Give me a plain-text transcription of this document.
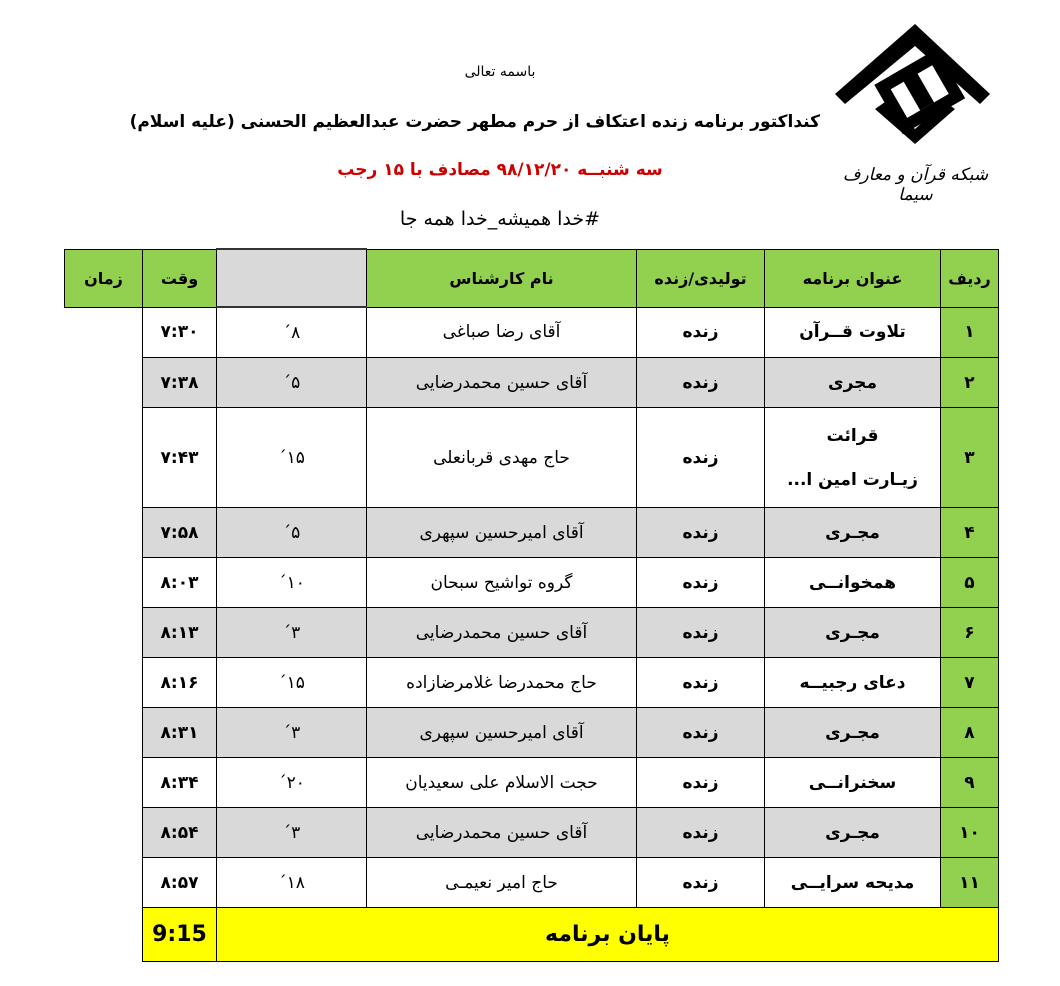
شبکه قرآن و معارف سیما
باسمه تعالی
کنداکتور برنامه زنده اعتکاف از حرم مطهر حضرت عبدالعظیم الحسنی (علیه اسلام)
سه شنبــه ۹۸/۱۲/۲۰ مصادف با ۱۵ رجب
#خدا همیشه_خدا همه جا
ردیف	عنوان برنامه	تولیدی/زنده	نام کارشناس		وقت	زمان
۱	تلاوت قــرآن	زنده	آقای رضا صباغی	۸´	۷:۳۰	
۲	مجری	زنده	آقای حسین محمدرضایی	۵´	۷:۳۸	
۳	قرائت
زیـارت امین ا...	زنده	حاج مهدی قربانعلی	۱۵´	۷:۴۳	
۴	مجـری	زنده	آقای امیرحسین سپهری	۵´	۷:۵۸	
۵	همخوانــی	زنده	گروه تواشیح سبحان	۱۰´	۸:۰۳	
۶	مجـری	زنده	آقای حسین محمدرضایی	۳´	۸:۱۳	
۷	دعای رجبیــه	زنده	حاج محمدرضا غلامرضازاده	۱۵´	۸:۱۶	
۸	مجـری	زنده	آقای امیرحسین سپهری	۳´	۸:۳۱	
۹	سخنرانــی	زنده	حجت الاسلام علی سعیدیان	۲۰´	۸:۳۴	
۱۰	مجـری	زنده	آقای حسین محمدرضایی	۳´	۸:۵۴	
۱۱	مدیحه سرایــی	زنده	حاج امیر نعیمـی	۱۸´	۸:۵۷	
پایان برنامه					9:15	
